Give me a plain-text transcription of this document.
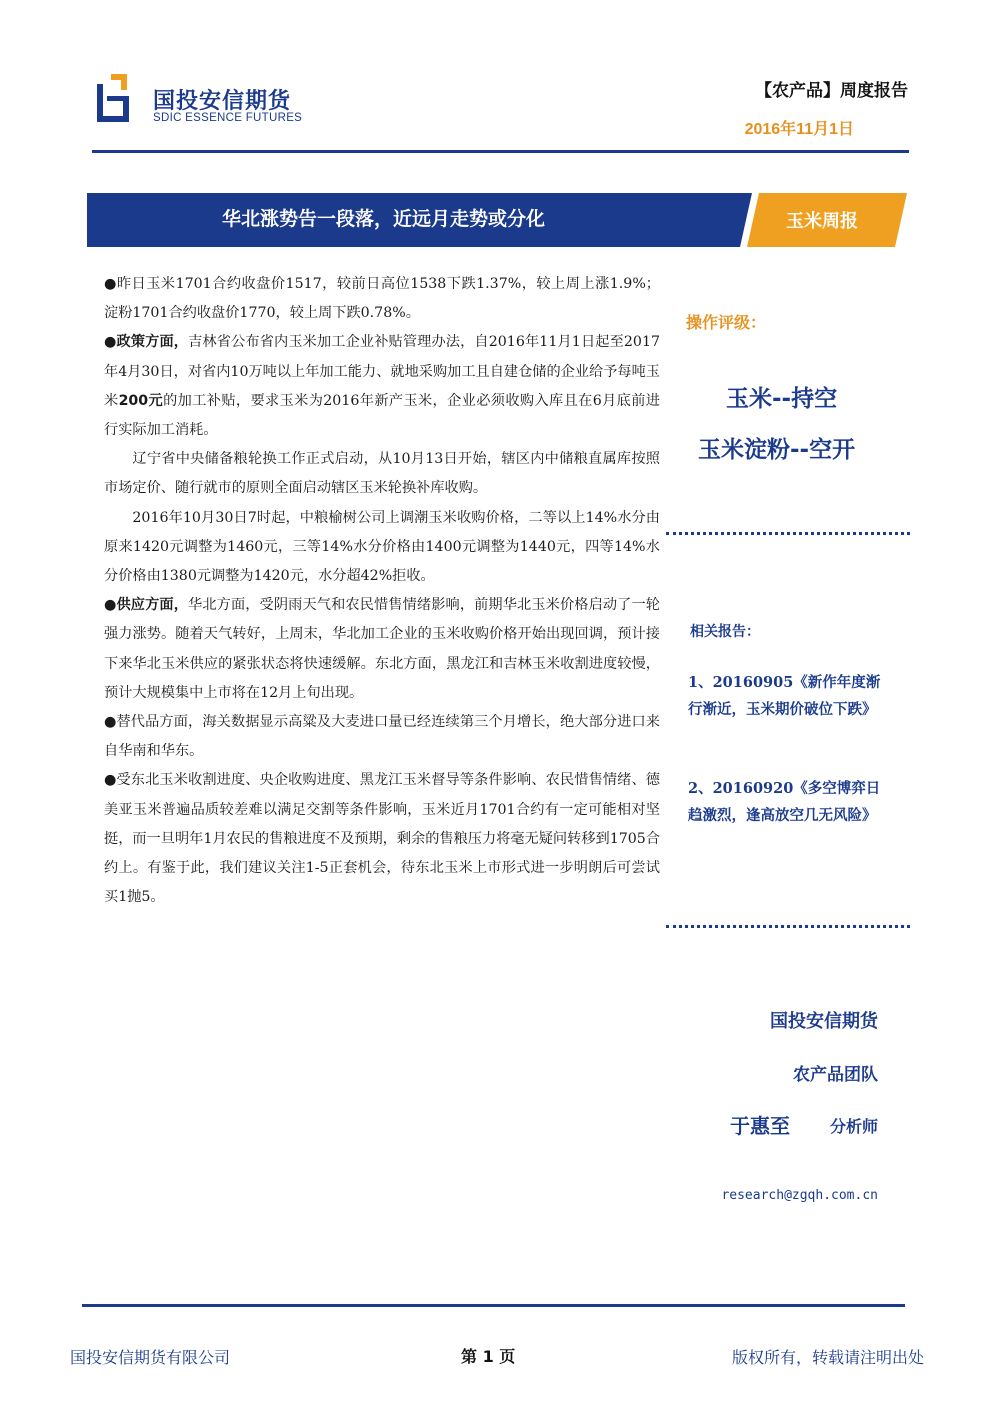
国投安信期货
SDIC ESSENCE FUTURES
【农产品】周度报告
2016年11月1日
华北涨势告一段落，近远月走势或分化	玉米周报

●昨日玉米1701合约收盘价1517，较前日高位1538下跌1.37%，较上周上涨1.9%；淀粉1701合约收盘价1770，较上周下跌0.78%。

●政策方面，吉林省公布省内玉米加工企业补贴管理办法，自2016年11月1日起至2017年4月30日，对省内10万吨以上年加工能力、就地采购加工且自建仓储的企业给予每吨玉米200元的加工补贴，要求玉米为2016年新产玉米，企业必须收购入库且在6月底前进行实际加工消耗。

辽宁省中央储备粮轮换工作正式启动，从10月13日开始，辖区内中储粮直属库按照市场定价、随行就市的原则全面启动辖区玉米轮换补库收购。

2016年10月30日7时起，中粮榆树公司上调潮玉米收购价格，二等以上14%水分由原来1420元调整为1460元，三等14%水分价格由1400元调整为1440元，四等14%水分价格由1380元调整为1420元，水分超42%拒收。

●供应方面，华北方面，受阴雨天气和农民惜售情绪影响，前期华北玉米价格启动了一轮强力涨势。随着天气转好，上周末，华北加工企业的玉米收购价格开始出现回调，预计接下来华北玉米供应的紧张状态将快速缓解。东北方面，黑龙江和吉林玉米收割进度较慢，预计大规模集中上市将在12月上旬出现。

●替代品方面，海关数据显示高粱及大麦进口量已经连续第三个月增长，绝大部分进口来自华南和华东。

●受东北玉米收割进度、央企收购进度、黑龙江玉米督导等条件影响、农民惜售情绪、德美亚玉米普遍品质较差难以满足交割等条件影响，玉米近月1701合约有一定可能相对坚挺，而一旦明年1月农民的售粮进度不及预期，剩余的售粮压力将毫无疑问转移到1705合约上。有鉴于此，我们建议关注1-5正套机会，待东北玉米上市形式进一步明朗后可尝试买1抛5。

操作评级：
玉米--持空
玉米淀粉--空开
相关报告：
1、20160905《新作年度渐行渐近，玉米期价破位下跌》
2、20160920《多空博弈日趋激烈，逢高放空几无风险》
国投安信期货
农产品团队
于惠至 分析师
research@zgqh.com.cn
国投安信期货有限公司	第 1 页	版权所有，转载请注明出处
